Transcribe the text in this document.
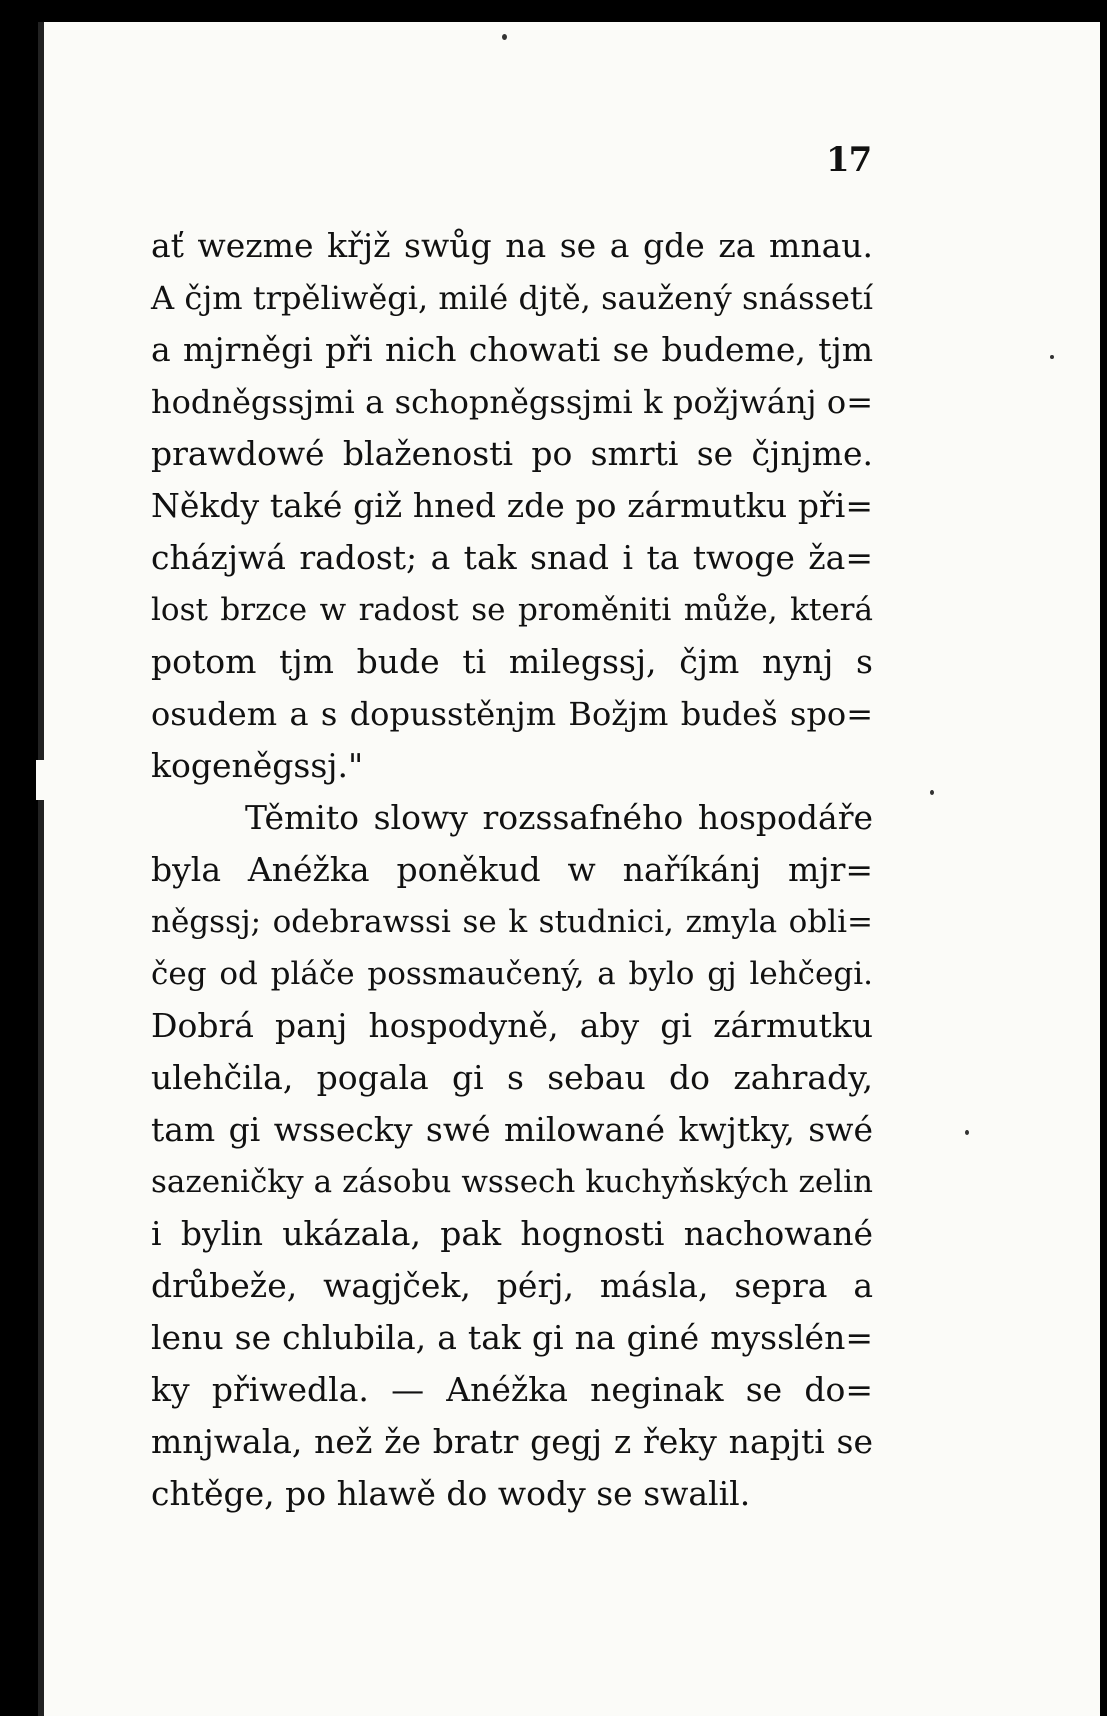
17
ať wezme křjž swůg na se a gde za mnau.
A čjm trpěliwěgi, milé djtě, saužený snássetí
a mjrněgi při nich chowati se budeme, tjm
hodněgssjmi a schopněgssjmi k požjwánj o=
prawdowé blaženosti po smrti se čjnjme.
Někdy také giž hned zde po zármutku při=
cházjwá radost; a tak snad i ta twoge ža=
lost brzce w radost se proměniti může, která
potom tjm bude ti milegssj, čjm nynj s
osudem a s dopusstěnjm Božjm budeš spo=
kogeněgssj."
Těmito slowy rozssafného hospodáře
byla Anéžka poněkud w naříkánj mjr=
něgssj; odebrawssi se k studnici, zmyla obli=
čeg od pláče possmaučený, a bylo gj lehčegi.
Dobrá panj hospodyně, aby gi zármutku
ulehčila, pogala gi s sebau do zahrady,
tam gi wssecky swé milowané kwjtky, swé
sazeničky a zásobu wssech kuchyňských zelin
i bylin ukázala, pak hognosti nachowané
drůbeže, wagjček, pérj, másla, sepra a
lenu se chlubila, a tak gi na giné mysslén=
ky přiwedla. — Anéžka neginak se do=
mnjwala, než že bratr gegj z řeky napjti se
chtěge, po hlawě do wody se swalil.
